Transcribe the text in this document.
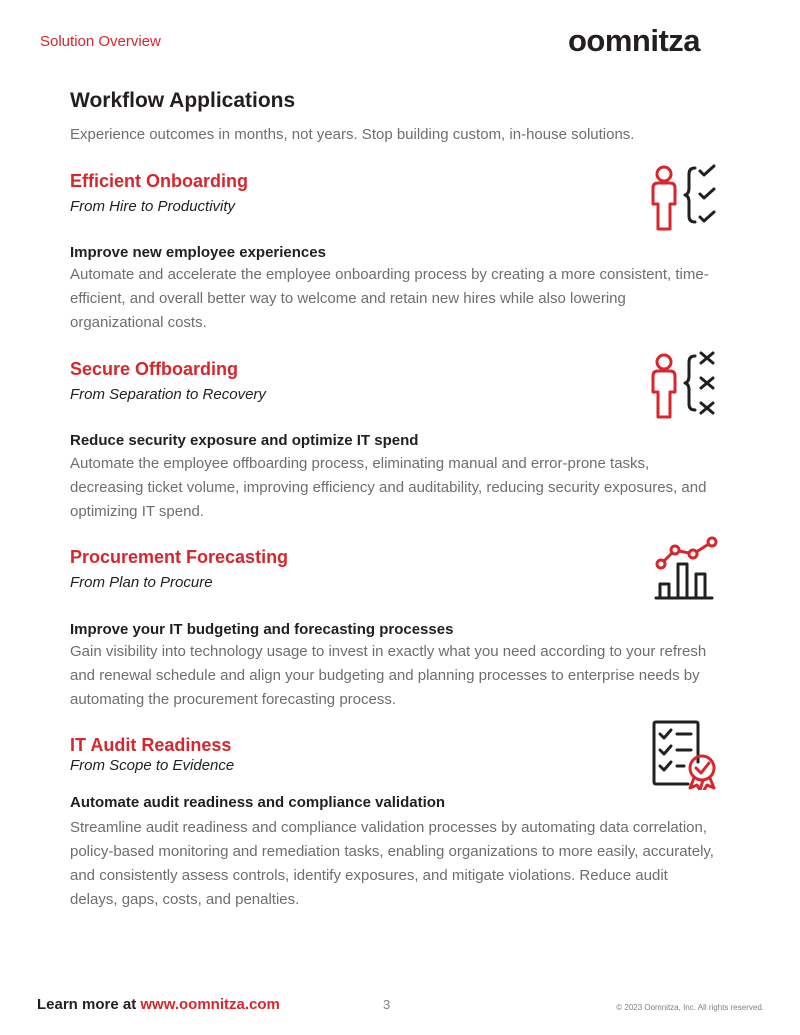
Solution Overview	oomnitza
Workflow Applications
Experience outcomes in months, not years. Stop building custom, in-house solutions.
Efficient Onboarding
From Hire to Productivity
Improve new employee experiences
Automate and accelerate the employee onboarding process by creating a more consistent, time-efficient, and overall better way to welcome and retain new hires while also lowering organizational costs.
Secure Offboarding
From Separation to Recovery
Reduce security exposure and optimize IT spend
Automate the employee offboarding process, eliminating manual and error-prone tasks, decreasing ticket volume, improving efficiency and auditability, reducing security exposures, and optimizing IT spend.
Procurement Forecasting
From Plan to Procure
Improve your IT budgeting and forecasting processes
Gain visibility into technology usage to invest in exactly what you need according to your refresh and renewal schedule and align your budgeting and planning processes to enterprise needs by automating the procurement forecasting process.
IT Audit Readiness
From Scope to Evidence
Automate audit readiness and compliance validation
Streamline audit readiness and compliance validation processes by automating data correlation, policy-based monitoring and remediation tasks, enabling organizations to more easily, accurately, and consistently assess controls, identify exposures, and mitigate violations. Reduce audit delays, gaps, costs, and penalties.
Learn more at www.oomnitza.com	3	© 2023 Oomnitza, Inc. All rights reserved.
